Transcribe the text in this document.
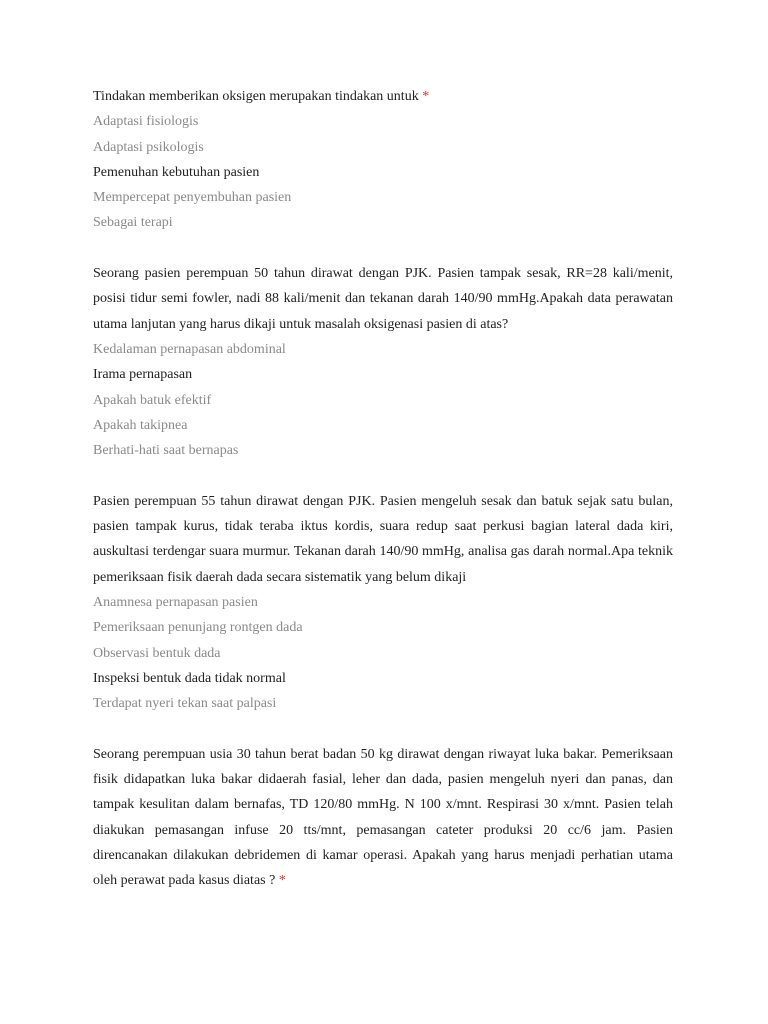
Tindakan memberikan oksigen merupakan tindakan untuk *

Adaptasi fisiologis
Adaptasi psikologis
Pemenuhan kebutuhan pasien
Mempercepat penyembuhan pasien
Sebagai terapi

Seorang pasien perempuan 50 tahun dirawat dengan PJK. Pasien tampak sesak, RR=28 kali/menit, posisi tidur semi fowler, nadi 88 kali/menit dan tekanan darah 140/90 mmHg.Apakah data perawatan utama lanjutan yang harus dikaji untuk masalah oksigenasi pasien di atas?

Kedalaman pernapasan abdominal
Irama pernapasan
Apakah batuk efektif
Apakah takipnea
Berhati-hati saat bernapas

Pasien perempuan 55 tahun dirawat dengan PJK. Pasien mengeluh sesak dan batuk sejak satu bulan, pasien tampak kurus, tidak teraba iktus kordis, suara redup saat perkusi bagian lateral dada kiri, auskultasi terdengar suara murmur. Tekanan darah 140/90 mmHg, analisa gas darah normal.Apa teknik pemeriksaan fisik daerah dada secara sistematik yang belum dikaji

Anamnesa pernapasan pasien
Pemeriksaan penunjang rontgen dada
Observasi bentuk dada
Inspeksi bentuk dada tidak normal
Terdapat nyeri tekan saat palpasi

Seorang perempuan usia 30 tahun berat badan 50 kg dirawat dengan riwayat luka bakar. Pemeriksaan fisik didapatkan luka bakar didaerah fasial, leher dan dada, pasien mengeluh nyeri dan panas, dan tampak kesulitan dalam bernafas, TD 120/80 mmHg. N 100 x/mnt. Respirasi 30 x/mnt. Pasien telah diakukan pemasangan infuse 20 tts/mnt, pemasangan cateter produksi 20 cc/6 jam. Pasien direncanakan dilakukan debridemen di kamar operasi. Apakah yang harus menjadi perhatian utama oleh perawat pada kasus diatas ? *
